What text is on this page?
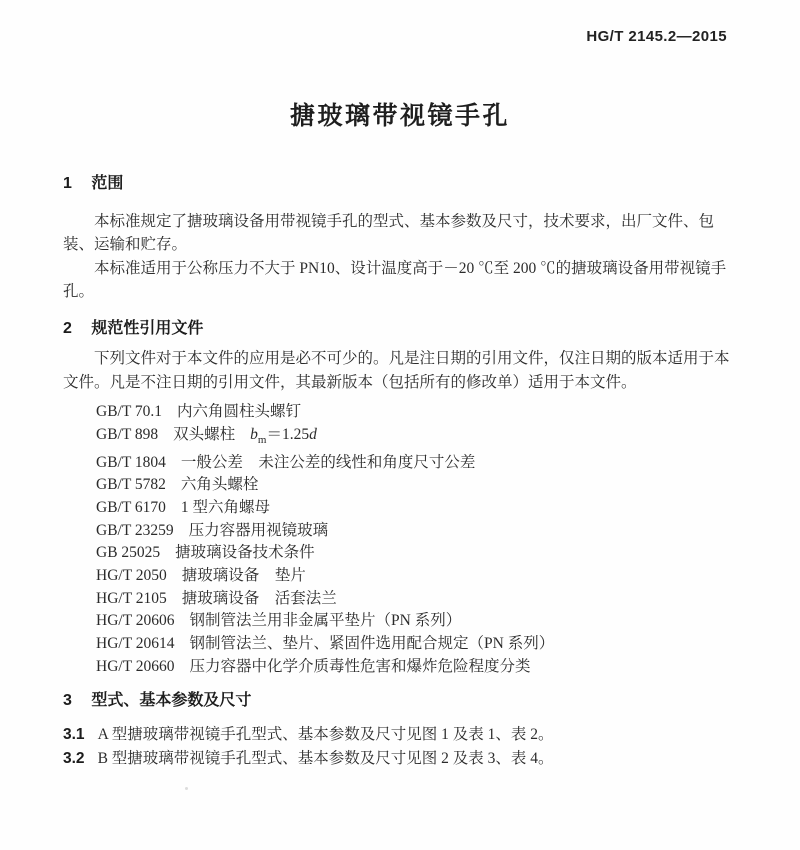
HG/T 2145.2—2015
搪玻璃带视镜手孔
1 范围

本标准规定了搪玻璃设备用带视镜手孔的型式、基本参数及尺寸，技术要求，出厂文件、包装、运输和贮存。

本标准适用于公称压力不大于 PN10、设计温度高于－20 ℃至 200 ℃的搪玻璃设备用带视镜手孔。

2 规范性引用文件

下列文件对于本文件的应用是必不可少的。凡是注日期的引用文件，仅注日期的版本适用于本文件。凡是不注日期的引用文件，其最新版本（包括所有的修改单）适用于本文件。

GB/T 70.1 内六角圆柱头螺钉
GB/T 898 双头螺柱 $b_m=1.25d$
GB/T 1804 一般公差　未注公差的线性和角度尺寸公差
GB/T 5782 六角头螺栓
GB/T 6170 1 型六角螺母
GB/T 23259 压力容器用视镜玻璃
GB 25025 搪玻璃设备技术条件
HG/T 2050 搪玻璃设备　垫片
HG/T 2105 搪玻璃设备　活套法兰
HG/T 20606 钢制管法兰用非金属平垫片（PN 系列）
HG/T 20614 钢制管法兰、垫片、紧固件选用配合规定（PN 系列）
HG/T 20660 压力容器中化学介质毒性危害和爆炸危险程度分类
3 型式、基本参数及尺寸

3.1 A 型搪玻璃带视镜手孔型式、基本参数及尺寸见图 1 及表 1、表 2。

3.2 B 型搪玻璃带视镜手孔型式、基本参数及尺寸见图 2 及表 3、表 4。
